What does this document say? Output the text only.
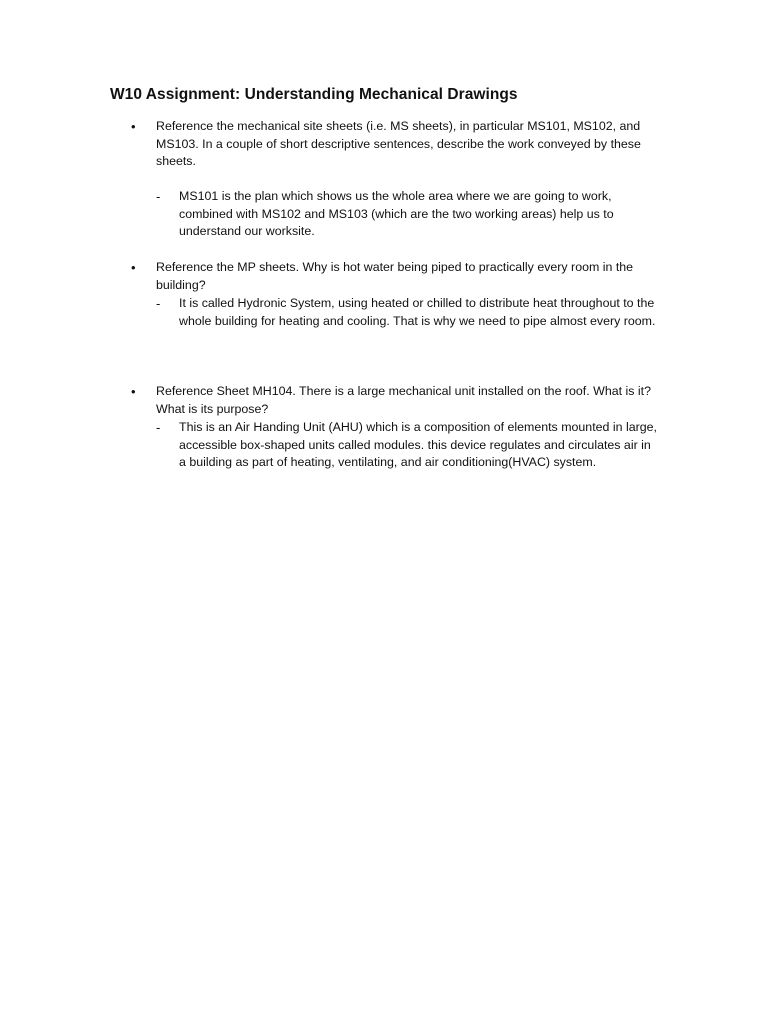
W10 Assignment: Understanding Mechanical Drawings
•	Reference the mechanical site sheets (i.e. MS sheets), in particular MS101, MS102, and MS103. In a couple of short descriptive sentences, describe the work conveyed by these sheets.
-	MS101 is the plan which shows us the whole area where we are going to work, combined with MS102 and MS103 (which are the two working areas) help us to understand our worksite.
•	Reference the MP sheets. Why is hot water being piped to practically every room in the building?
-	It is called Hydronic System, using heated or chilled to distribute heat throughout to the whole building for heating and cooling. That is why we need to pipe almost every room.
•	Reference Sheet MH104. There is a large mechanical unit installed on the roof. What is it? What is its purpose?
-	This is an Air Handing Unit (AHU) which is a composition of elements mounted in large, accessible box-shaped units called modules. this device regulates and circulates air in a building as part of heating, ventilating, and air conditioning(HVAC) system.
